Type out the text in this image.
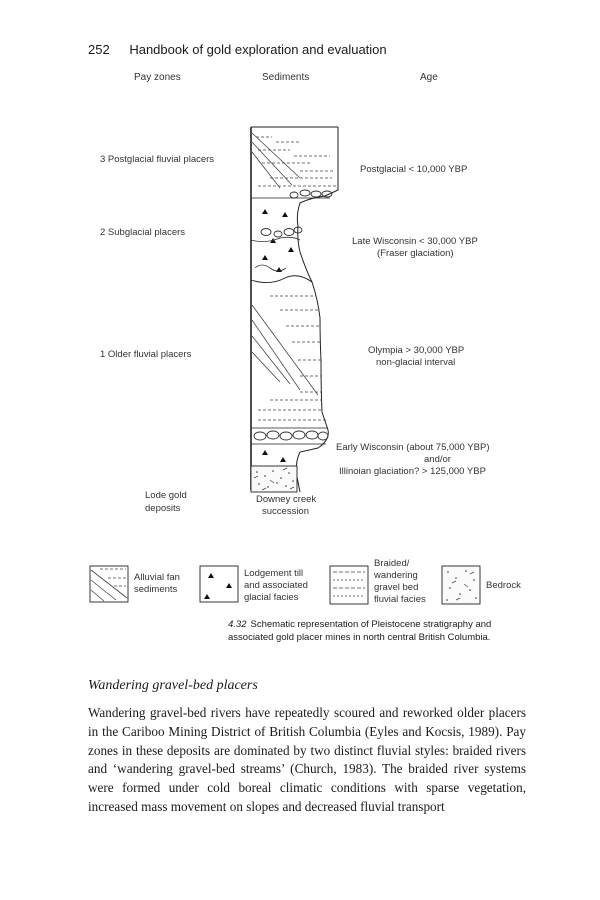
252 Handbook of gold exploration and evaluation
Pay zones	Sediments	Age
3 Postglacial fluvial placers
2 Subglacial placers
1 Older fluvial placers
Lode gold
deposits
Postglacial < 10,000 YBP
Late Wisconsin < 30,000 YBP
(Fraser glaciation)
Olympia > 30,000 YBP
non-glacial interval
Early Wisconsin (about 75,000 YBP)
and/or
Illinoian glaciation? > 125,000 YBP
Downey creek
succession
Alluvial fan
sediments
Lodgement till
and associated
glacial facies
Braided/
wandering
gravel bed
fluvial facies
Bedrock
4.32 Schematic representation of Pleistocene stratigraphy and associated gold placer mines in north central British Columbia.
Wandering gravel-bed placers

Wandering gravel-bed rivers have repeatedly scoured and reworked older placers in the Cariboo Mining District of British Columbia (Eyles and Kocsis, 1989). Pay zones in these deposits are dominated by two distinct fluvial styles: braided rivers and ‘wandering gravel-bed streams’ (Church, 1983). The braided river systems were formed under cold boreal climatic conditions with sparse vegetation, increased mass movement on slopes and decreased fluvial transport
